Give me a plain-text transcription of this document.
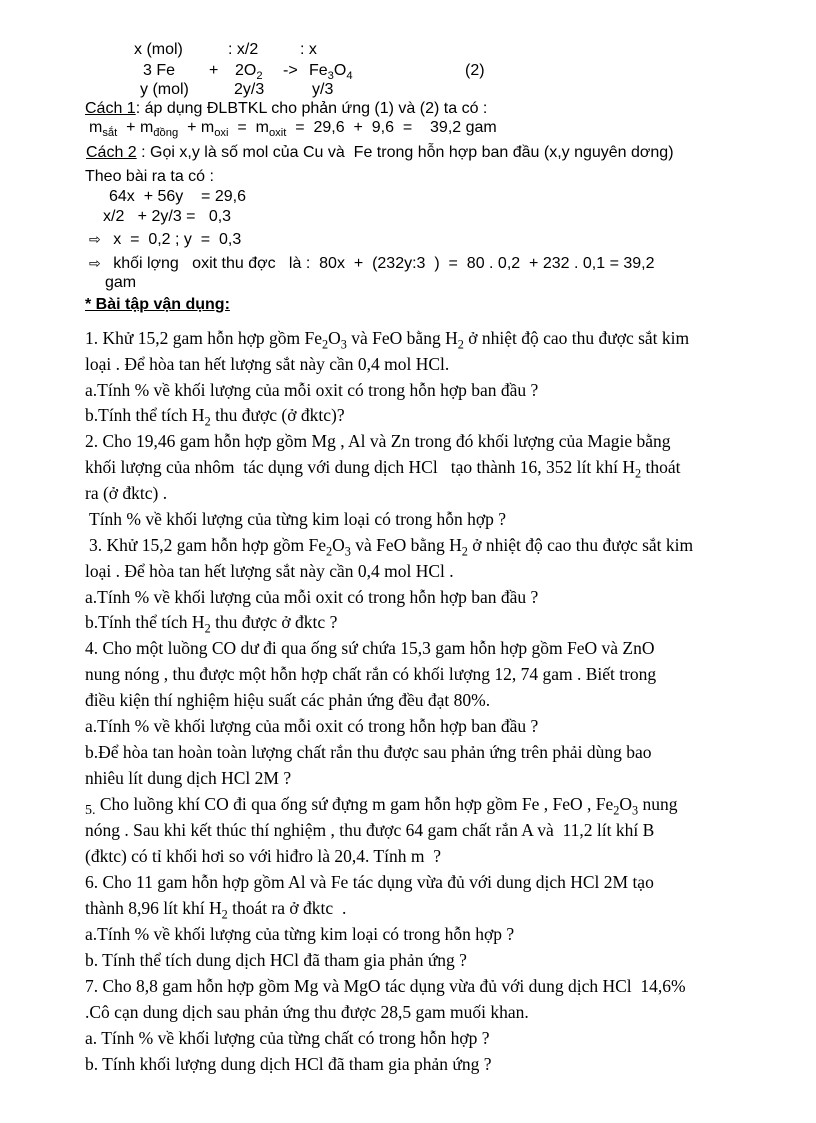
x (mol)	: x/2	: x
3 $Fe + 2O_2 -> Fe_3O_4$	(2)
y (mol)	2y/3	y/3
Cách 1: áp dụng ĐLBTKL cho phản ứng (1) và (2) ta có :
$m_{sắt} + m_{đồng} + m_{oxi} = m_{oxit} = 29,6 + 9,6$  =    39,2 gam
Cách 2 : Gọi x,y là số mol của Cu và  Fe trong hỗn hợp ban đầu (x,y nguyên dơng)
Theo bài ra ta có :
64x  + 56y    = 29,6
x/2   + 2y/3 =   0,3
⇨ x  =  0,2 ; y  =  0,3
⇨ khối lợng   oxit thu đợc   là :  80x  +  (232y:3  )  =  80 . 0,2  + 232 . 0,1 = 39,2
gam
* Bài tập vận dụng:
1. Khử 15,2 gam hỗn hợp gồm $Fe_2O_3$ và FeO bằng $H_2$ ở nhiệt độ cao thu được sắt kim
loại . Để hòa tan hết lượng sắt này cần 0,4 mol HCl.
a.Tính % về khối lượng của mỗi oxit có trong hỗn hợp ban đầu ?
b.Tính thể tích $H_2$ thu được (ở đktc)?
2. Cho 19,46 gam hỗn hợp gồm Mg , Al và Zn trong đó khối lượng của Magie bằng
khối lượng của nhôm  tác dụng với dung dịch HCl   tạo thành 16, 352 lít khí $H_2$ thoát
ra (ở đktc) .
Tính % về khối lượng của từng kim loại có trong hỗn hợp ?
3. Khử 15,2 gam hỗn hợp gồm $Fe_2O_3$ và FeO bằng $H_2$ ở nhiệt độ cao thu được sắt kim
loại . Để hòa tan hết lượng sắt này cần 0,4 mol HCl .
a.Tính % về khối lượng của mỗi oxit có trong hỗn hợp ban đầu ?
b.Tính thể tích $H_2$ thu được ở đktc ?
4. Cho một luồng CO dư đi qua ống sứ chứa 15,3 gam hỗn hợp gồm FeO và ZnO
nung nóng , thu được một hỗn hợp chất rắn có khối lượng 12, 74 gam . Biết trong
điều kiện thí nghiệm hiệu suất các phản ứng đều đạt 80%.
a.Tính % về khối lượng của mỗi oxit có trong hỗn hợp ban đầu ?
b.Để hòa tan hoàn toàn lượng chất rắn thu được sau phản ứng trên phải dùng bao
nhiêu lít dung dịch HCl 2M ?
$_{5.}$ Cho luồng khí CO đi qua ống sứ đựng m gam hỗn hợp gồm Fe , FeO , $Fe_2O_3$ nung
nóng . Sau khi kết thúc thí nghiệm , thu được 64 gam chất rắn A và  11,2 lít khí B
(đktc) có tỉ khối hơi so với hiđro là 20,4. Tính m  ?
6. Cho 11 gam hỗn hợp gồm Al và Fe tác dụng vừa đủ với dung dịch HCl 2M tạo
thành 8,96 lít khí $H_2$ thoát ra ở đktc  .
a.Tính % về khối lượng của từng kim loại có trong hỗn hợp ?
b. Tính thể tích dung dịch HCl đã tham gia phản ứng ?
7. Cho 8,8 gam hỗn hợp gồm Mg và MgO tác dụng vừa đủ với dung dịch HCl  14,6%
.Cô cạn dung dịch sau phản ứng thu được 28,5 gam muối khan.
a. Tính % về khối lượng của từng chất có trong hỗn hợp ?
b. Tính khối lượng dung dịch HCl đã tham gia phản ứng ?
